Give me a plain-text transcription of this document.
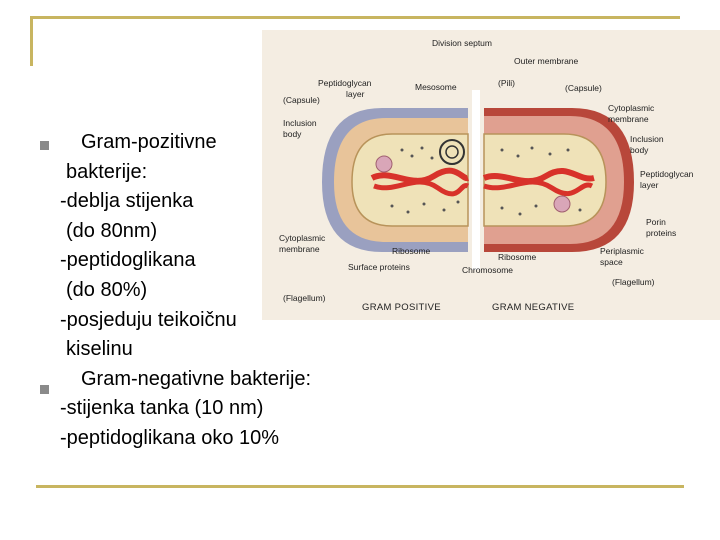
Division septum
Outer membrane
Peptidoglycan
layer
Mesosome	(Pili)
(Capsule)
(Capsule)
Cytoplasmic
membrane
Inclusion
body	Inclusion
body
Peptidoglycan
layer
Porin
proteins
Cytoplasmic
membrane	Ribosome
Ribosome
Periplasmic
space
Surface proteins	Chromosome
(Flagellum)
(Flagellum)
GRAM POSITIVE	GRAM NEGATIVE
Gram-pozitivne
bakterije:
-deblja stijenka
(do 80nm)
-peptidoglikana
(do 80%)
-posjeduju teikoičnu
kiselinu
Gram-negativne bakterije:
-stijenka tanka (10 nm)
-peptidoglikana oko 10%
